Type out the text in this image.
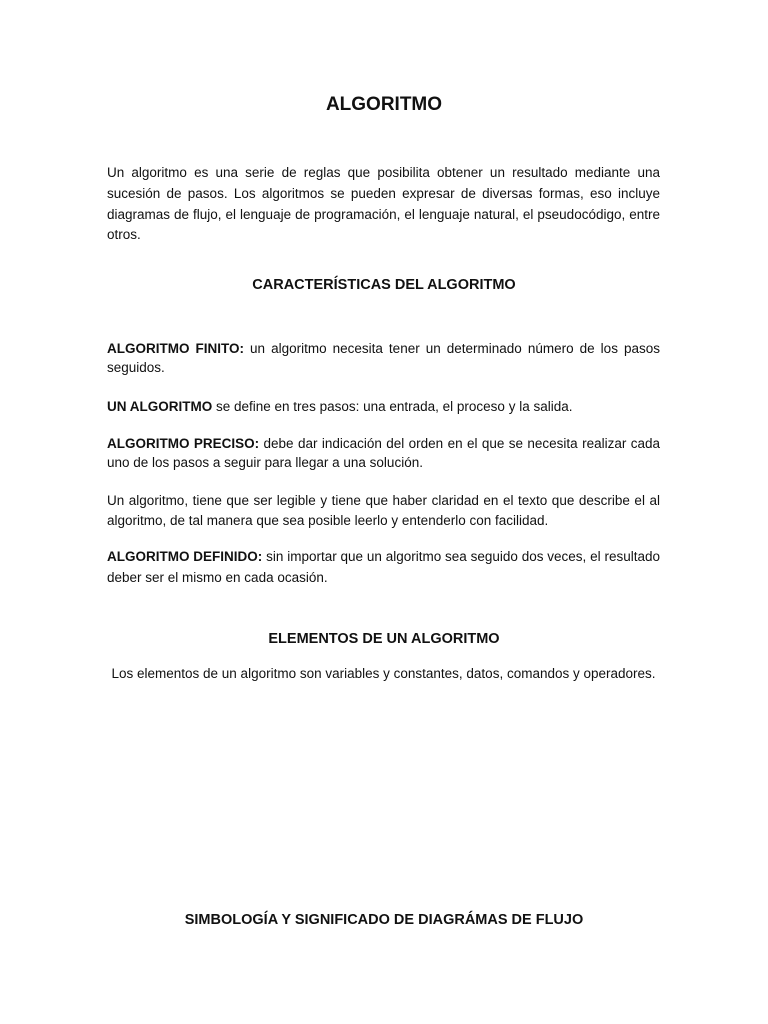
ALGORITMO

Un algoritmo es una serie de reglas que posibilita obtener un resultado mediante una sucesión de pasos. Los algoritmos se pueden expresar de diversas formas, eso incluye diagramas de flujo, el lenguaje de programación, el lenguaje natural, el pseudocódigo, entre otros.

CARACTERÍSTICAS DEL ALGORITMO

ALGORITMO FINITO: un algoritmo necesita tener un determinado número de los pasos seguidos.

UN ALGORITMO se define en tres pasos: una entrada, el proceso y la salida.

ALGORITMO PRECISO: debe dar indicación del orden en el que se necesita realizar cada uno de los pasos a seguir para llegar a una solución.

Un algoritmo, tiene que ser legible y tiene que haber claridad en el texto que describe el al algoritmo, de tal manera que sea posible leerlo y entenderlo con facilidad.

ALGORITMO DEFINIDO: sin importar que un algoritmo sea seguido dos veces, el resultado deber ser el mismo en cada ocasión.

ELEMENTOS DE UN ALGORITMO

Los elementos de un algoritmo son variables y constantes, datos, comandos y operadores.

SIMBOLOGÍA Y SIGNIFICADO DE DIAGRÁMAS DE FLUJO
